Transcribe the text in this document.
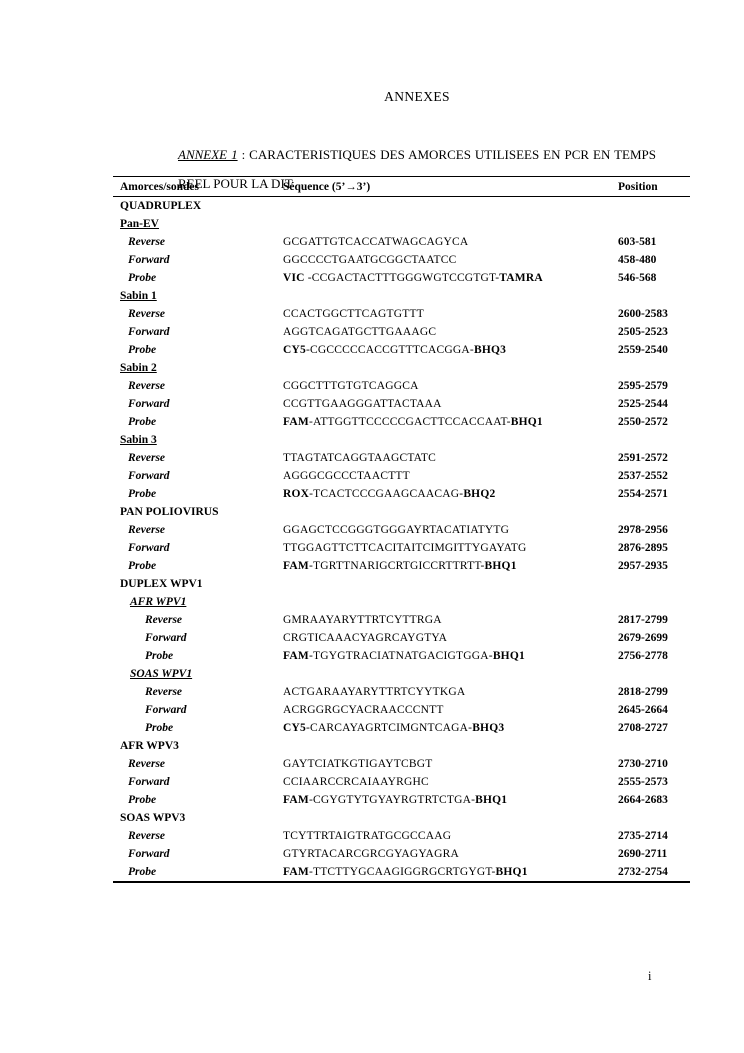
ANNEXES

ANNEXE 1 : CARACTERISTIQUES DES AMORCES UTILISEES EN PCR EN TEMPS REEL POUR LA DIT

Amorces/sondes	Séquence (5’→3’)	Position
QUADRUPLEX
Pan-EV
Reverse	GCGATTGTCACCATWAGCAGYCA	603-581
Forward	GGCCCCTGAATGCGGCTAATCC	458-480
Probe	VIC -CCGACTACTTTGGGWGTCCGTGT-TAMRA	546-568
Sabin 1
Reverse	CCACTGGCTTCAGTGTTT	2600-2583
Forward	AGGTCAGATGCTTGAAAGC	2505-2523
Probe	CY5-CGCCCCCACCGTTTCACGGA-BHQ3	2559-2540
Sabin 2
Reverse	CGGCTTTGTGTCAGGCA	2595-2579
Forward	CCGTTGAAGGGATTACTAAA	2525-2544
Probe	FAM-ATTGGTTCCCCCGACTTCCACCAAT-BHQ1	2550-2572
Sabin 3
Reverse	TTAGTATCAGGTAAGCTATC	2591-2572
Forward	AGGGCGCCCTAACTTT	2537-2552
Probe	ROX-TCACTCCCGAAGCAACAG-BHQ2	2554-2571
PAN POLIOVIRUS
Reverse	GGAGCTCCGGGTGGGAYRTACATIATYTG	2978-2956
Forward	TTGGAGTTCTTCACITAITCIMGITTYGAYATG	2876-2895
Probe	FAM-TGRTTNARIGCRTGICCRTTRTT-BHQ1	2957-2935
DUPLEX WPV1
AFR WPV1
Reverse	GMRAAYARYTTRTCYTTRGA	2817-2799
Forward	CRGTICAAACYAGRCAYGTYA	2679-2699
Probe	FAM-TGYGTRACIATNATGACIGTGGA-BHQ1	2756-2778
SOAS WPV1
Reverse	ACTGARAAYARYTTRTCYYTKGA	2818-2799
Forward	ACRGGRGCYACRAACCCNTT	2645-2664
Probe	CY5-CARCAYAGRTCIMGNTCAGA-BHQ3	2708-2727
AFR WPV3
Reverse	GAYTCIATKGTIGAYTCBGT	2730-2710
Forward	CCIAARCCRCAIAAYRGHC	2555-2573
Probe	FAM-CGYGTYTGYAYRGTRTCTGA-BHQ1	2664-2683
SOAS WPV3
Reverse	TCYTTRTAIGTRATGCGCCAAG	2735-2714
Forward	GTYRTACARCGRCGYAGYAGRA	2690-2711
Probe	FAM-TTCTTYGCAAGIGGRGCRTGYGT-BHQ1	2732-2754
i
